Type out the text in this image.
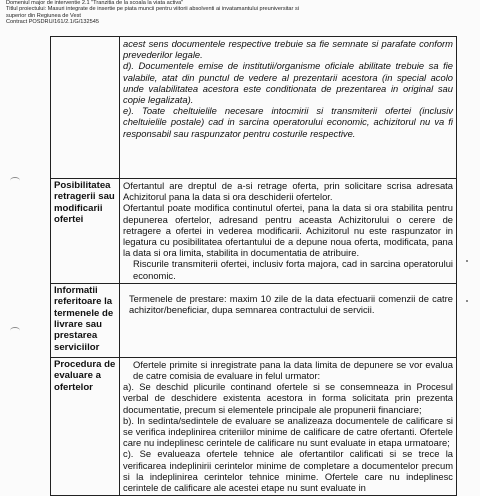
Domeniul major de interventie 2.1 "Tranzitia de la scoala la viata activa"
Titlul proiectului: Masuri integrate de insertie pe piata muncii pentru viitorii absolventi ai invatamantului preuniversitar si
superior din Regiunea de Vest
Contract POSDRU/161/2.1/G/132545

	acest sens documentele respective trebuie sa fie semnate si parafate conform prevederilor legale.

d). Documentele emise de institutii/organisme oficiale abilitate trebuie sa fie valabile, atat din punctul de vedere al prezentarii acestora (in special acolo unde valabilitatea acestora este conditionata de prezentarea in original sau copie legalizata).

e). Toate cheltuielile necesare intocmirii si transmiterii ofertei (inclusiv cheltuielile postale) cad in sarcina operatorului economic, achizitorul nu va fi responsabil sau raspunzator pentru costurile respective.

Posibilitatea retragerii sau modificarii ofertei	Ofertantul are dreptul de a-si retrage oferta, prin solicitare scrisa adresata Achizitorul pana la data si ora deschiderii ofertelor.

Ofertantul poate modifica continutul ofertei, pana la data si ora stabilita pentru depunerea ofertelor, adresand pentru aceasta Achizitorului o cerere de retragere a ofertei in vederea modificarii. Achizitorul nu este raspunzator in legatura cu posibilitatea ofertantului de a depune noua oferta, modificata, pana la data si ora limita, stabilita in documentatia de atribuire.

Riscurile transmiterii ofertei, inclusiv forta majora, cad in sarcina operatorului economic.

Informatii referitoare la termenele de livrare sau prestarea serviciilor	Termenele de prestare: maxim 10 zile de la data efectuarii comenzii de catre achizitor/beneficiar, dupa semnarea contractului de servicii.

Procedura de evaluare a ofertelor	Ofertele primite si inregistrate pana la data limita de depunere se vor evalua de catre comisia de evaluare in felul urmator:

a). Se deschid plicurile continand ofertele si se consemneaza in Procesul verbal de deschidere existenta acestora in forma solicitata prin prezenta documentatie, precum si elementele principale ale propunerii financiare;

b). In sedinta/sedintele de evaluare se analizeaza documentele de calificare si se verifica indeplinirea criteriilor minime de calificare de catre ofertanti. Ofertele care nu indeplinesc cerintele de calificare nu sunt evaluate in etapa urmatoare;

c). Se evalueaza ofertele tehnice ale ofertantilor calificati si se trece la verificarea indeplinirii cerintelor minime de completare a documentelor precum si la indeplinirea cerintelor tehnice minime. Ofertele care nu indeplinesc cerintele de calificare ale acestei etape nu sunt evaluate in
